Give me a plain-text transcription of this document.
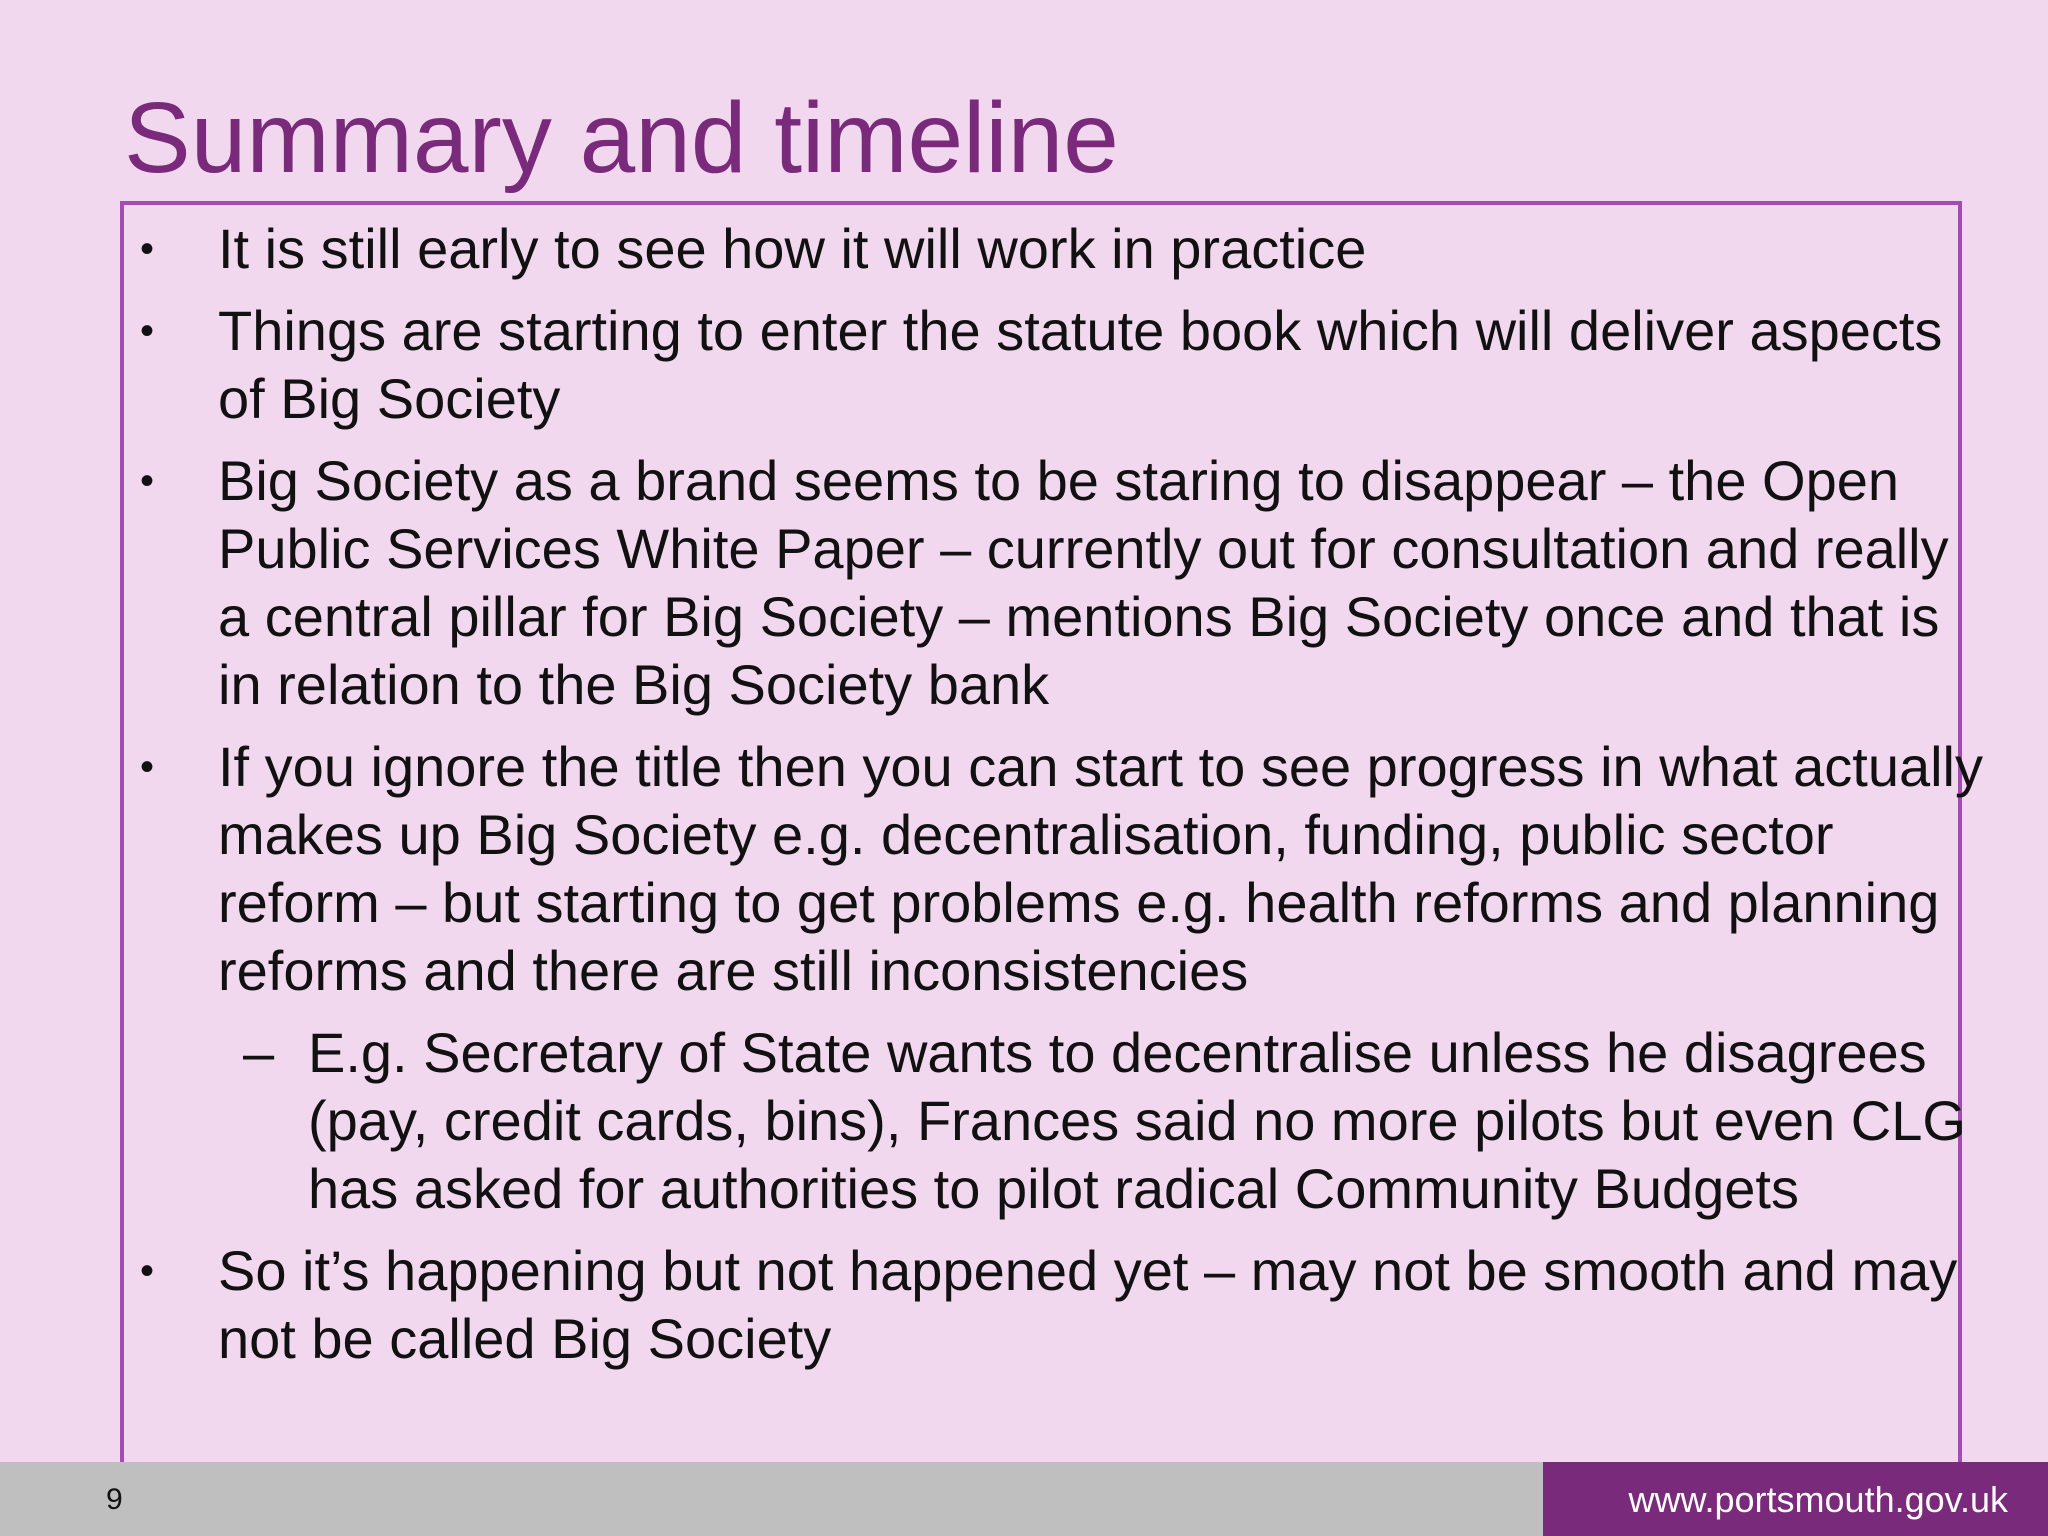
Summary and timeline
•	It is still early to see how it will work in practice
•	Things are starting to enter the statute book which will deliver aspects of Big Society
•	Big Society as a brand seems to be staring to disappear – the Open Public Services White Paper – currently out for consultation and really a central pillar for Big Society – mentions Big Society once and that is in relation to the Big Society bank
•	If you ignore the title then you can start to see progress in what actually makes up Big Society e.g. decentralisation, funding, public sector reform – but starting to get problems e.g. health reforms and planning reforms and there are still inconsistencies
– E.g. Secretary of State wants to decentralise unless he disagrees (pay, credit cards, bins), Frances said no more pilots but even CLG has asked for authorities to pilot radical Community Budgets
•	So it’s happening but not happened yet – may not be smooth and may not be called Big Society
9	www.portsmouth.gov.uk
